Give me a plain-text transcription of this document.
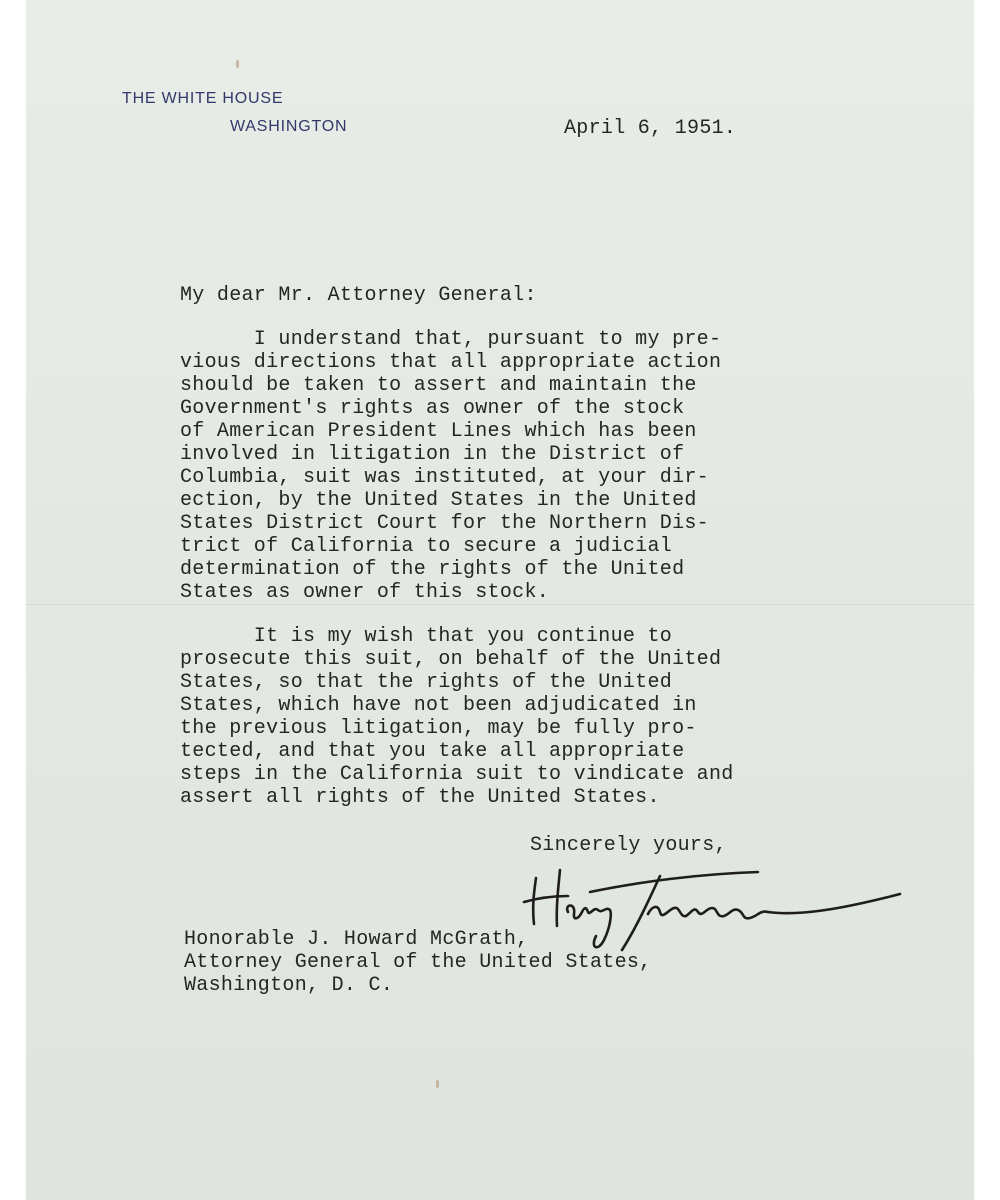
THE WHITE HOUSE
WASHINGTON	April 6, 1951.
My dear Mr. Attorney General:
I understand that, pursuant to my pre-
vious directions that all appropriate action
should be taken to assert and maintain the
Government's rights as owner of the stock
of American President Lines which has been
involved in litigation in the District of
Columbia, suit was instituted, at your dir-
ection, by the United States in the United
States District Court for the Northern Dis-
trict of California to secure a judicial
determination of the rights of the United
States as owner of this stock.
It is my wish that you continue to
prosecute this suit, on behalf of the United
States, so that the rights of the United
States, which have not been adjudicated in
the previous litigation, may be fully pro-
tected, and that you take all appropriate
steps in the California suit to vindicate and
assert all rights of the United States.
Sincerely yours,
Honorable J. Howard McGrath,
Attorney General of the United States,
Washington, D. C.
